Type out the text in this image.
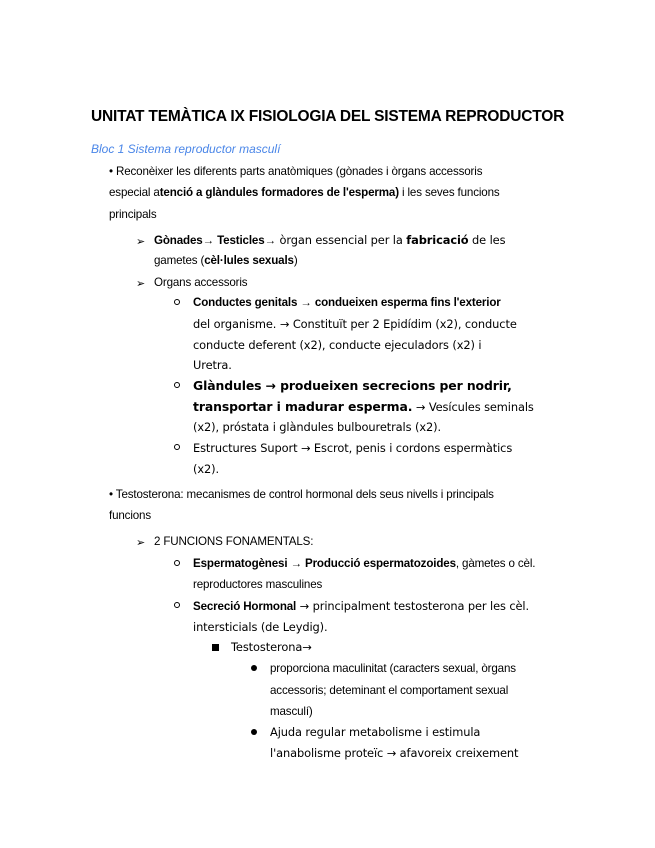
UNITAT TEMÀTICA IX FISIOLOGIA DEL SISTEMA REPRODUCTOR
Bloc 1 Sistema reproductor masculí
• Reconèixer les diferents parts anatòmiques (gònades i òrgans accessoris
especial atenció a glàndules formadores de l'esperma) i les seves funcions
principals
➢ Gònades→ Testicles→ òrgan essencial per la fabricació de les
gametes (cèl·lules sexuals)
➢ Organs accessoris
Conductes genitals → condueixen esperma fins l'exterior
del organisme. → Constituït per 2 Epidídim (x2), conducte
conducte deferent (x2), conducte ejeculadors (x2) i
Uretra.
Glàndules → produeixen secrecions per nodrir,
transportar i madurar esperma. → Vesícules seminals
(x2), próstata i glàndules bulbouretrals (x2).
Estructures Suport → Escrot, penis i cordons espermàtics
(x2).
• Testosterona: mecanismes de control hormonal dels seus nivells i principals
funcions
➢ 2 FUNCIONS FONAMENTALS:
Espermatogènesi → Producció espermatozoides, gàmetes o cèl.
reproductores masculines
Secreció Hormonal → principalment testosterona per les cèl.
intersticials (de Leydig).
Testosterona→
proporciona maculinitat (caracters sexual, òrgans
accessoris; deteminant el comportament sexual
masculí)
Ajuda regular metabolisme i estimula
l'anabolisme proteïc → afavoreix creixement
